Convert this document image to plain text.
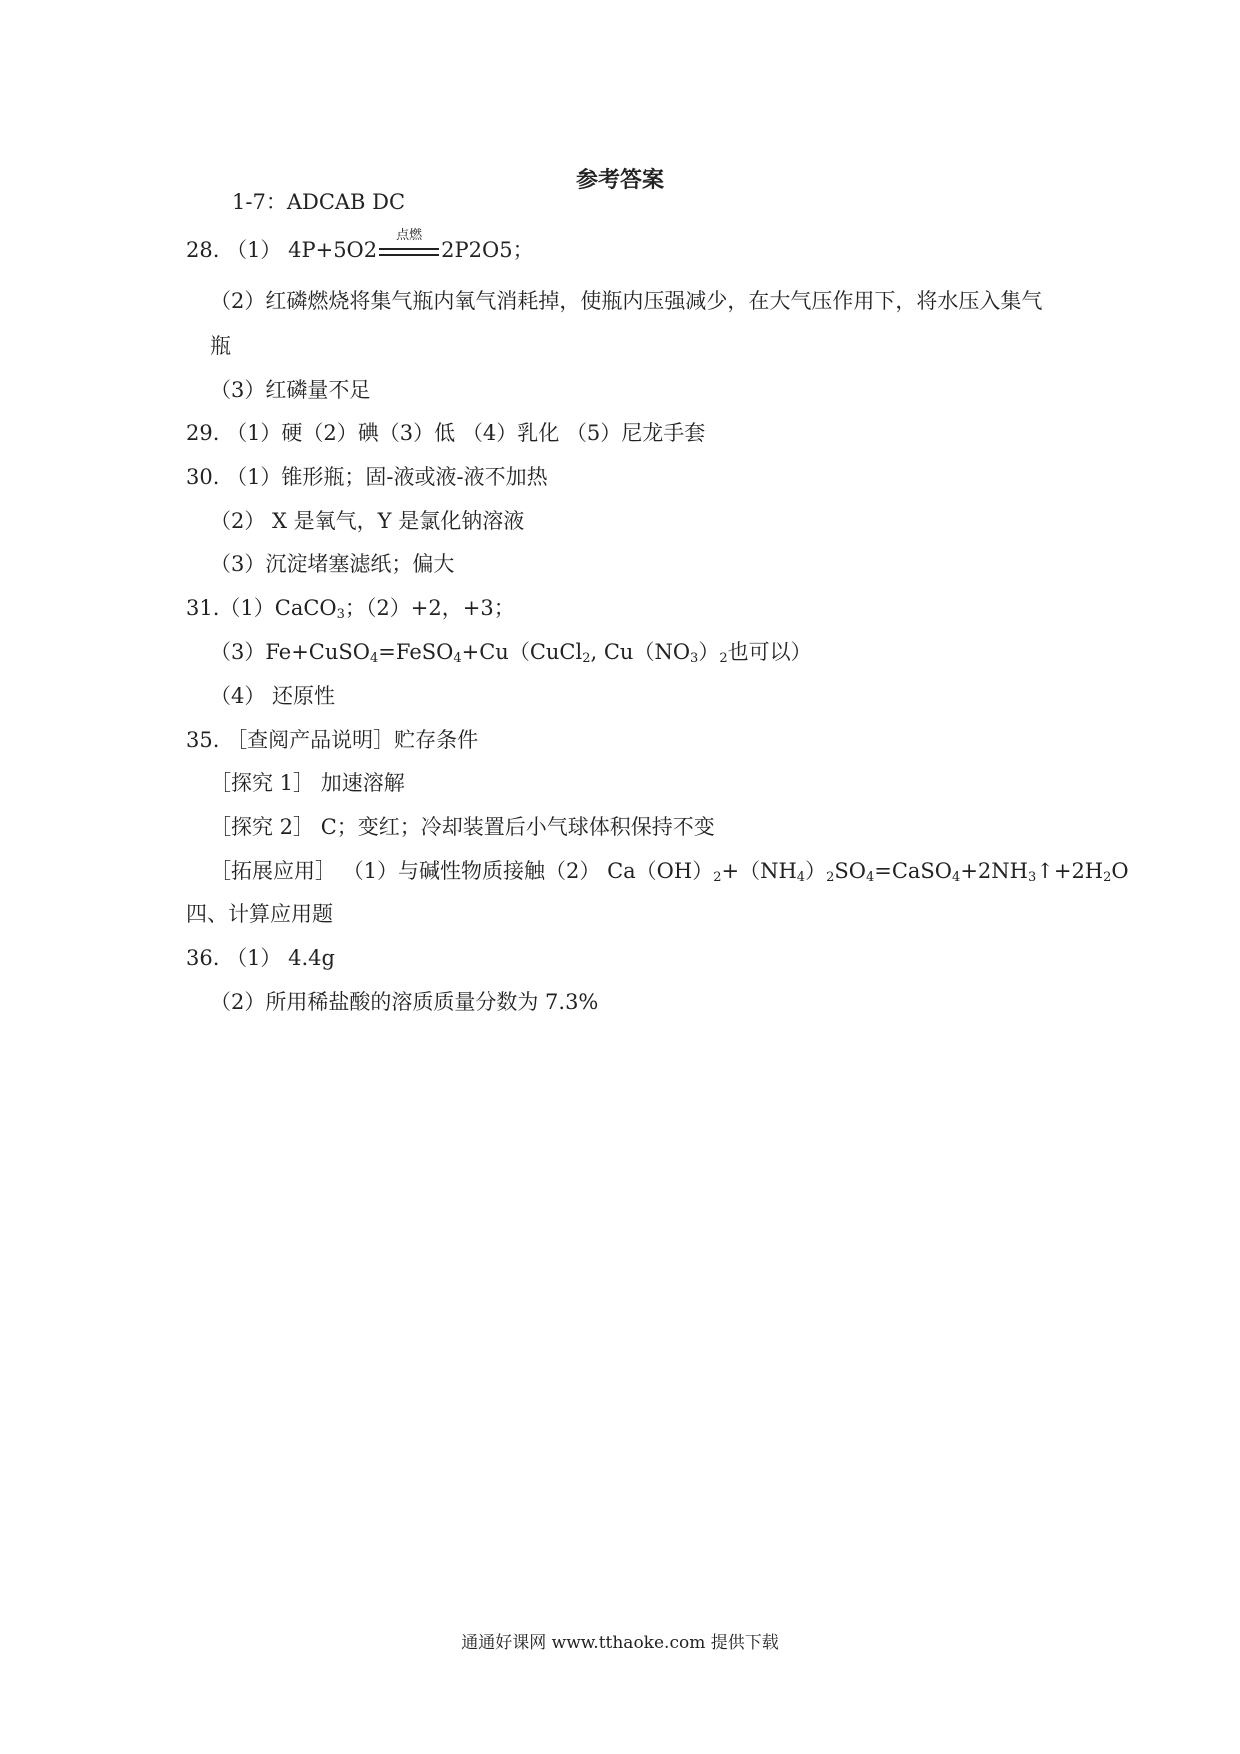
参考答案
1-7：ADCAB DC
28. （1） 4P+5O2
点燃
2P2O5；
（2）红磷燃烧将集气瓶内氧气消耗掉，使瓶内压强减少，在大气压作用下，将水压入集气
瓶
（3）红磷量不足
29. （1）硬（2）碘（3）低 （4）乳化 （5）尼龙手套
30. （1）锥形瓶；固-液或液-液不加热
（2） X 是氧气，Y 是氯化钠溶液
（3）沉淀堵塞滤纸；偏大
31.（1）CaCO3；（2）+2，+3；
（3）Fe+CuSO4=FeSO4+Cu（CuCl2, Cu（NO3）2也可以）
（4） 还原性
35. ［查阅产品说明］贮存条件
［探究 1］ 加速溶解
［探究 2］ C；变红；冷却装置后小气球体积保持不变
［拓展应用］ （1）与碱性物质接触（2） Ca（OH）2+（NH4）2SO4=CaSO4+2NH3↑+2H2O
四、计算应用题
36. （1） 4.4g
（2）所用稀盐酸的溶质质量分数为 7.3%
通通好课网 www.tthaoke.com 提供下载
